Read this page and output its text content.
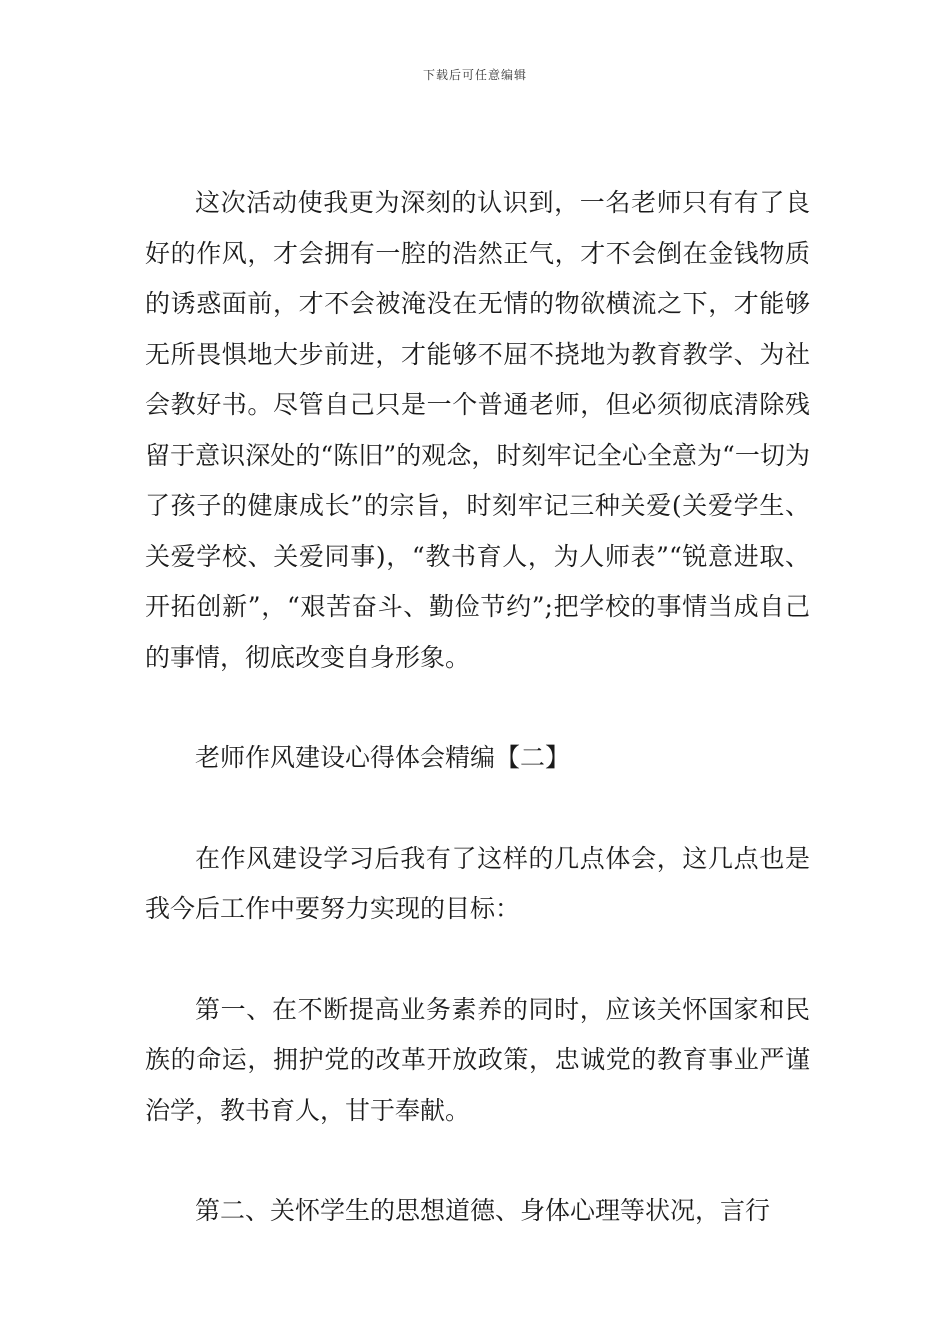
下载后可任意编辑

这次活动使我更为深刻的认识到，一名老师只有有了良好的作风，才会拥有一腔的浩然正气，才不会倒在金钱物质的诱惑面前，才不会被淹没在无情的物欲横流之下，才能够无所畏惧地大步前进，才能够不屈不挠地为教育教学、为社会教好书。尽管自己只是一个普通老师，但必须彻底清除残留于意识深处的“陈旧”的观念，时刻牢记全心全意为“一切为了孩子的健康成长”的宗旨，时刻牢记三种关爱(关爱学生、关爱学校、关爱同事)，“教书育人，为人师表”“锐意进取、开拓创新”，“艰苦奋斗、勤俭节约”;把学校的事情当成自己的事情，彻底改变自身形象。

老师作风建设心得体会精编【二】

在作风建设学习后我有了这样的几点体会，这几点也是我今后工作中要努力实现的目标：

第一、在不断提高业务素养的同时，应该关怀国家和民族的命运，拥护党的改革开放政策，忠诚党的教育事业严谨治学，教书育人，甘于奉献。

第二、关怀学生的思想道德、身体心理等状况，言行
